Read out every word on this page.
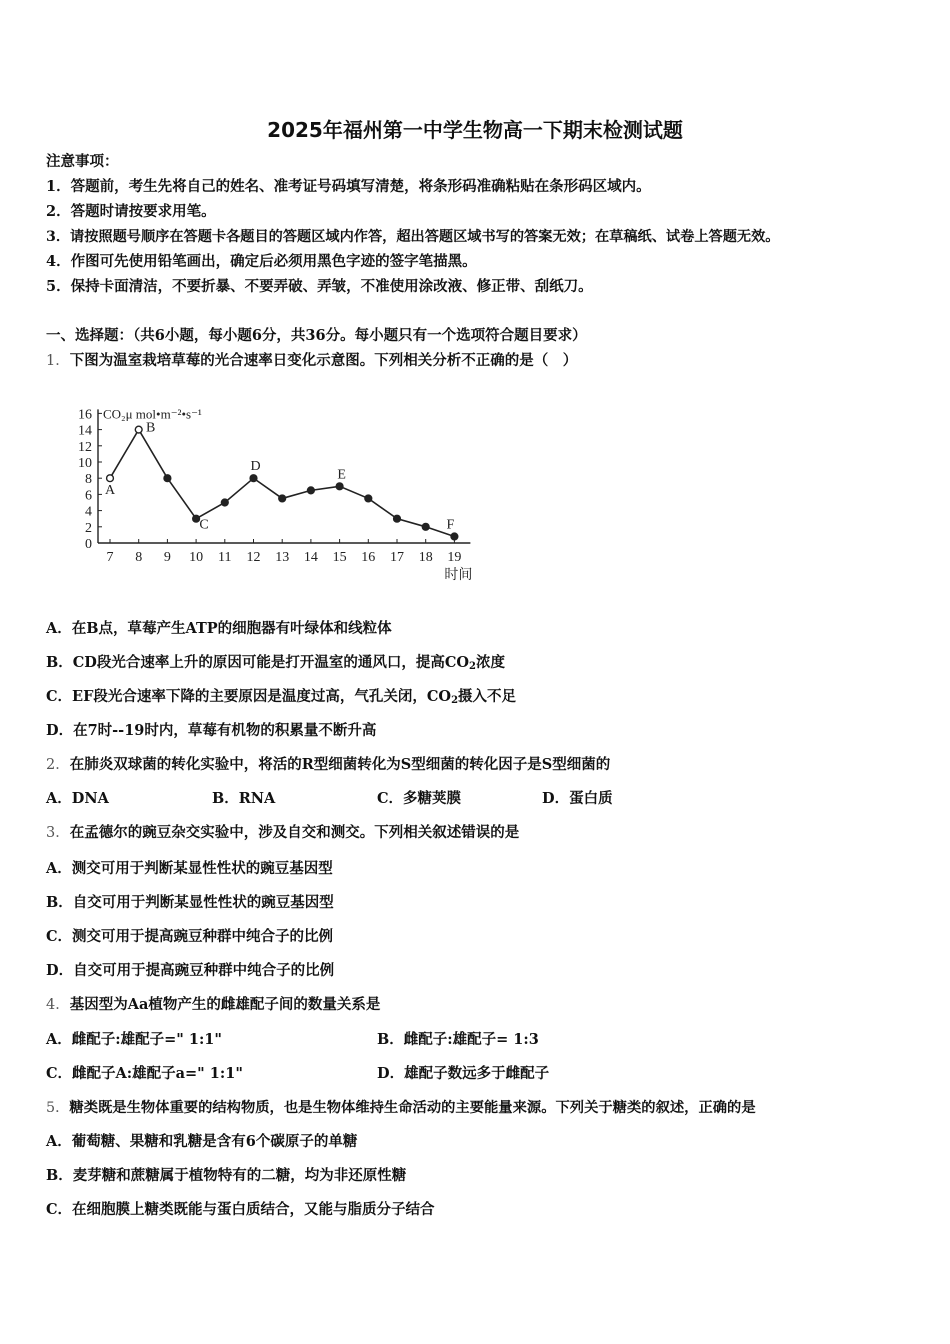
2025年福州第一中学生物高一下期末检测试题
注意事项：
1．答题前，考生先将自己的姓名、准考证号码填写清楚，将条形码准确粘贴在条形码区域内。
2．答题时请按要求用笔。
3．请按照题号顺序在答题卡各题目的答题区域内作答，超出答题区域书写的答案无效；在草稿纸、试卷上答题无效。
4．作图可先使用铅笔画出，确定后必须用黑色字迹的签字笔描黑。
5．保持卡面清洁，不要折暴、不要弄破、弄皱，不准使用涂改液、修正带、刮纸刀。
一、选择题：（共6小题，每小题6分，共36分。每小题只有一个选项符合题目要求）
1．下图为温室栽培草莓的光合速率日变化示意图。下列相关分析不正确的是（　）
16
14
12
10
8
6
4
2
0
7 8 9 10 11 12 13 14 15 16 17 18 19
CO₂μ mol•m⁻²•s⁻¹
时间
A
B
C
D
E
F
A．在B点，草莓产生ATP的细胞器有叶绿体和线粒体
B．CD段光合速率上升的原因可能是打开温室的通风口，提高$CO_2$浓度
C．EF段光合速率下降的主要原因是温度过高，气孔关闭，$CO_2$摄入不足
D．在7时--19时内，草莓有机物的积累量不断升高
2．在肺炎双球菌的转化实验中，将活的R型细菌转化为S型细菌的转化因子是S型细菌的
A．DNA	B．RNA	C．多糖荚膜	D．蛋白质
3．在孟德尔的豌豆杂交实验中，涉及自交和测交。下列相关叙述错误的是
A．测交可用于判断某显性性状的豌豆基因型
B．自交可用于判断某显性性状的豌豆基因型
C．测交可用于提高豌豆种群中纯合子的比例
D．自交可用于提高豌豆种群中纯合子的比例
4．基因型为Aa植物产生的雌雄配子间的数量关系是
A．雌配子:雄配子=" 1:1"	B．雌配子:雄配子= 1:3
C．雌配子A:雄配子a=" 1:1"	D．雄配子数远多于雌配子
5．糖类既是生物体重要的结构物质，也是生物体维持生命活动的主要能量来源。下列关于糖类的叙述，正确的是
A．葡萄糖、果糖和乳糖是含有6个碳原子的单糖
B．麦芽糖和蔗糖属于植物特有的二糖，均为非还原性糖
C．在细胞膜上糖类既能与蛋白质结合，又能与脂质分子结合
